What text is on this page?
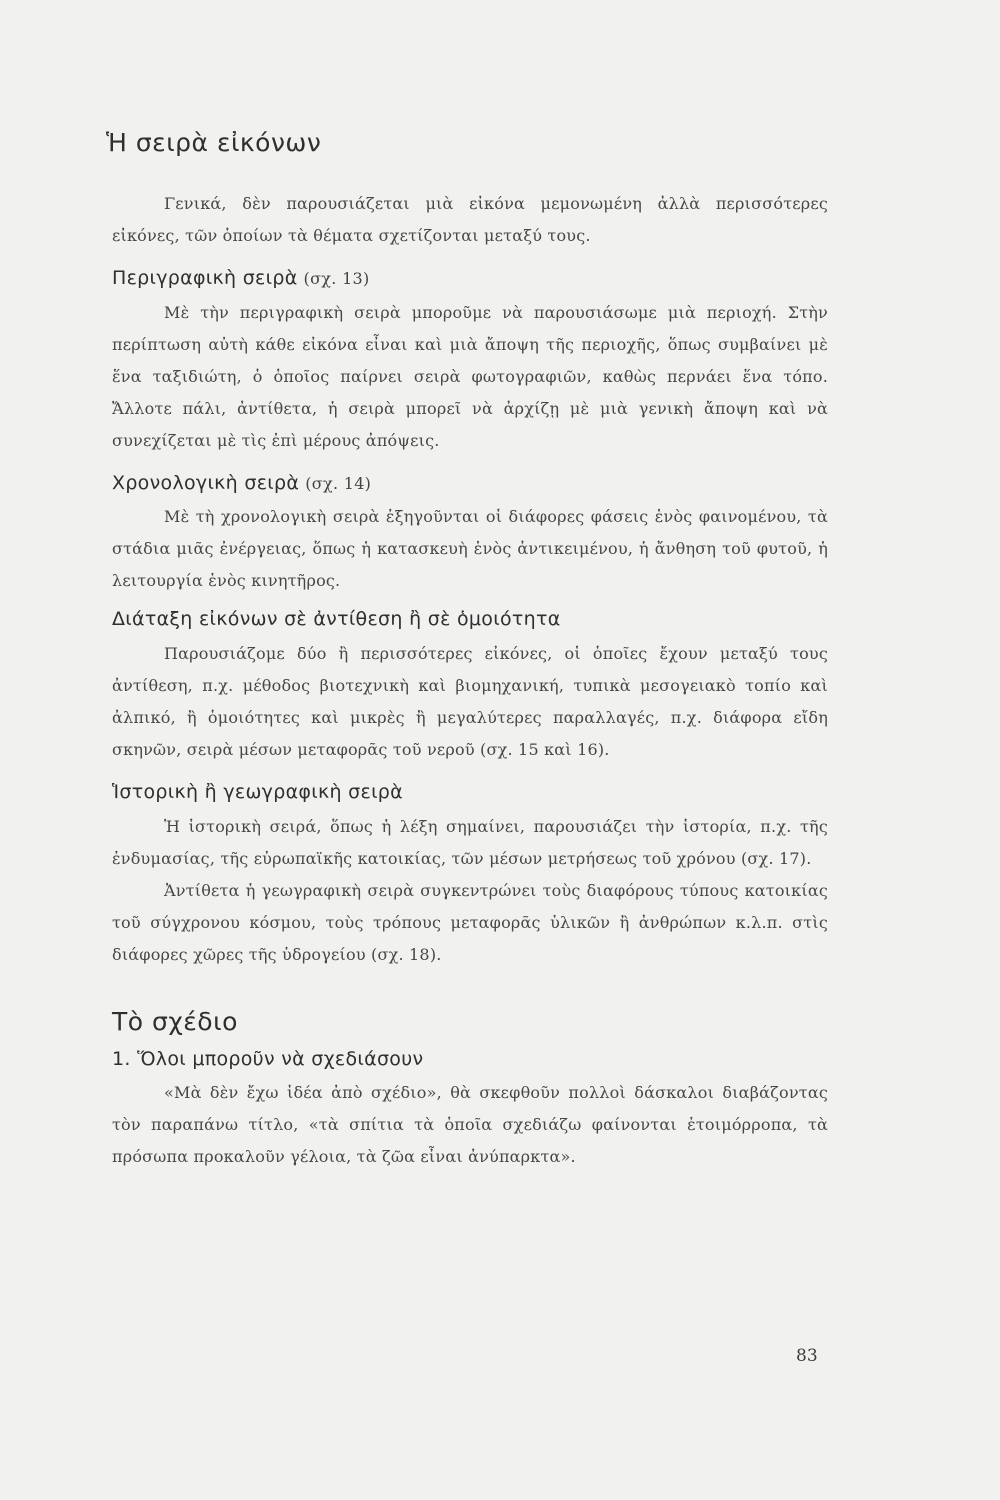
Ἡ σειρὰ εἰκόνων

Γενικά, δὲν παρουσιάζεται μιὰ εἰκόνα μεμονωμένη ἀλλὰ περισσότερες εἰκόνες, τῶν ὁποίων τὰ θέματα σχετίζονται μεταξύ τους.

Περιγραφικὴ σειρὰ (σχ. 13)

Μὲ τὴν περιγραφικὴ σειρὰ μποροῦμε νὰ παρουσιάσωμε μιὰ περιοχή. Στὴν περίπτωση αὐτὴ κάθε εἰκόνα εἶναι καὶ μιὰ ἄποψη τῆς περιοχῆς, ὅπως συμβαίνει μὲ ἕνα ταξιδιώτη, ὁ ὁποῖος παίρνει σειρὰ φωτογραφιῶν, καθὼς περνάει ἕνα τόπο. Ἄλλοτε πάλι, ἀντίθετα, ἡ σειρὰ μπορεῖ νὰ ἀρχίζῃ μὲ μιὰ γενικὴ ἄποψη καὶ νὰ συνεχίζεται μὲ τὶς ἐπὶ μέρους ἀπόψεις.

Χρονολογικὴ σειρὰ (σχ. 14)

Μὲ τὴ χρονολογικὴ σειρὰ ἐξηγοῦνται οἱ διάφορες φάσεις ἑνὸς φαινομένου, τὰ στάδια μιᾶς ἐνέργειας, ὅπως ἡ κατασκευὴ ἑνὸς ἀντικειμένου, ἡ ἄνθηση τοῦ φυτοῦ, ἡ λειτουργία ἑνὸς κινητῆρος.

Διάταξη εἰκόνων σὲ ἀντίθεση ἢ σὲ ὁμοιότητα

Παρουσιάζομε δύο ἢ περισσότερες εἰκόνες, οἱ ὁποῖες ἔχουν μεταξύ τους ἀντίθεση, π.χ. μέθοδος βιοτεχνικὴ καὶ βιομηχανική, τυπικὰ μεσογειακὸ τοπίο καὶ ἀλπικό, ἢ ὁμοιότητες καὶ μικρὲς ἢ μεγαλύτερες παραλλαγές, π.χ. διάφορα εἴδη σκηνῶν, σειρὰ μέσων μεταφορᾶς τοῦ νεροῦ (σχ. 15 καὶ 16).

Ἱστορικὴ ἢ γεωγραφικὴ σειρὰ

Ἡ ἱστορικὴ σειρά, ὅπως ἡ λέξη σημαίνει, παρουσιάζει τὴν ἱστορία, π.χ. τῆς ἐνδυμασίας, τῆς εὐρωπαϊκῆς κατοικίας, τῶν μέσων μετρήσεως τοῦ χρόνου (σχ. 17).

Ἀντίθετα ἡ γεωγραφικὴ σειρὰ συγκεντρώνει τοὺς διαφόρους τύπους κατοικίας τοῦ σύγχρονου κόσμου, τοὺς τρόπους μεταφορᾶς ὑλικῶν ἢ ἀνθρώπων κ.λ.π. στὶς διάφορες χῶρες τῆς ὑδρογείου (σχ. 18).

Τὸ σχέδιο
1. Ὅλοι μποροῦν νὰ σχεδιάσουν

«Μὰ δὲν ἔχω ἰδέα ἀπὸ σχέδιο», θὰ σκεφθοῦν πολλοὶ δάσκαλοι διαβάζοντας τὸν παραπάνω τίτλο, «τὰ σπίτια τὰ ὁποῖα σχεδιάζω φαίνονται ἑτοιμόρροπα, τὰ πρόσωπα προκαλοῦν γέλοια, τὰ ζῶα εἶναι ἀνύπαρκτα».

83
